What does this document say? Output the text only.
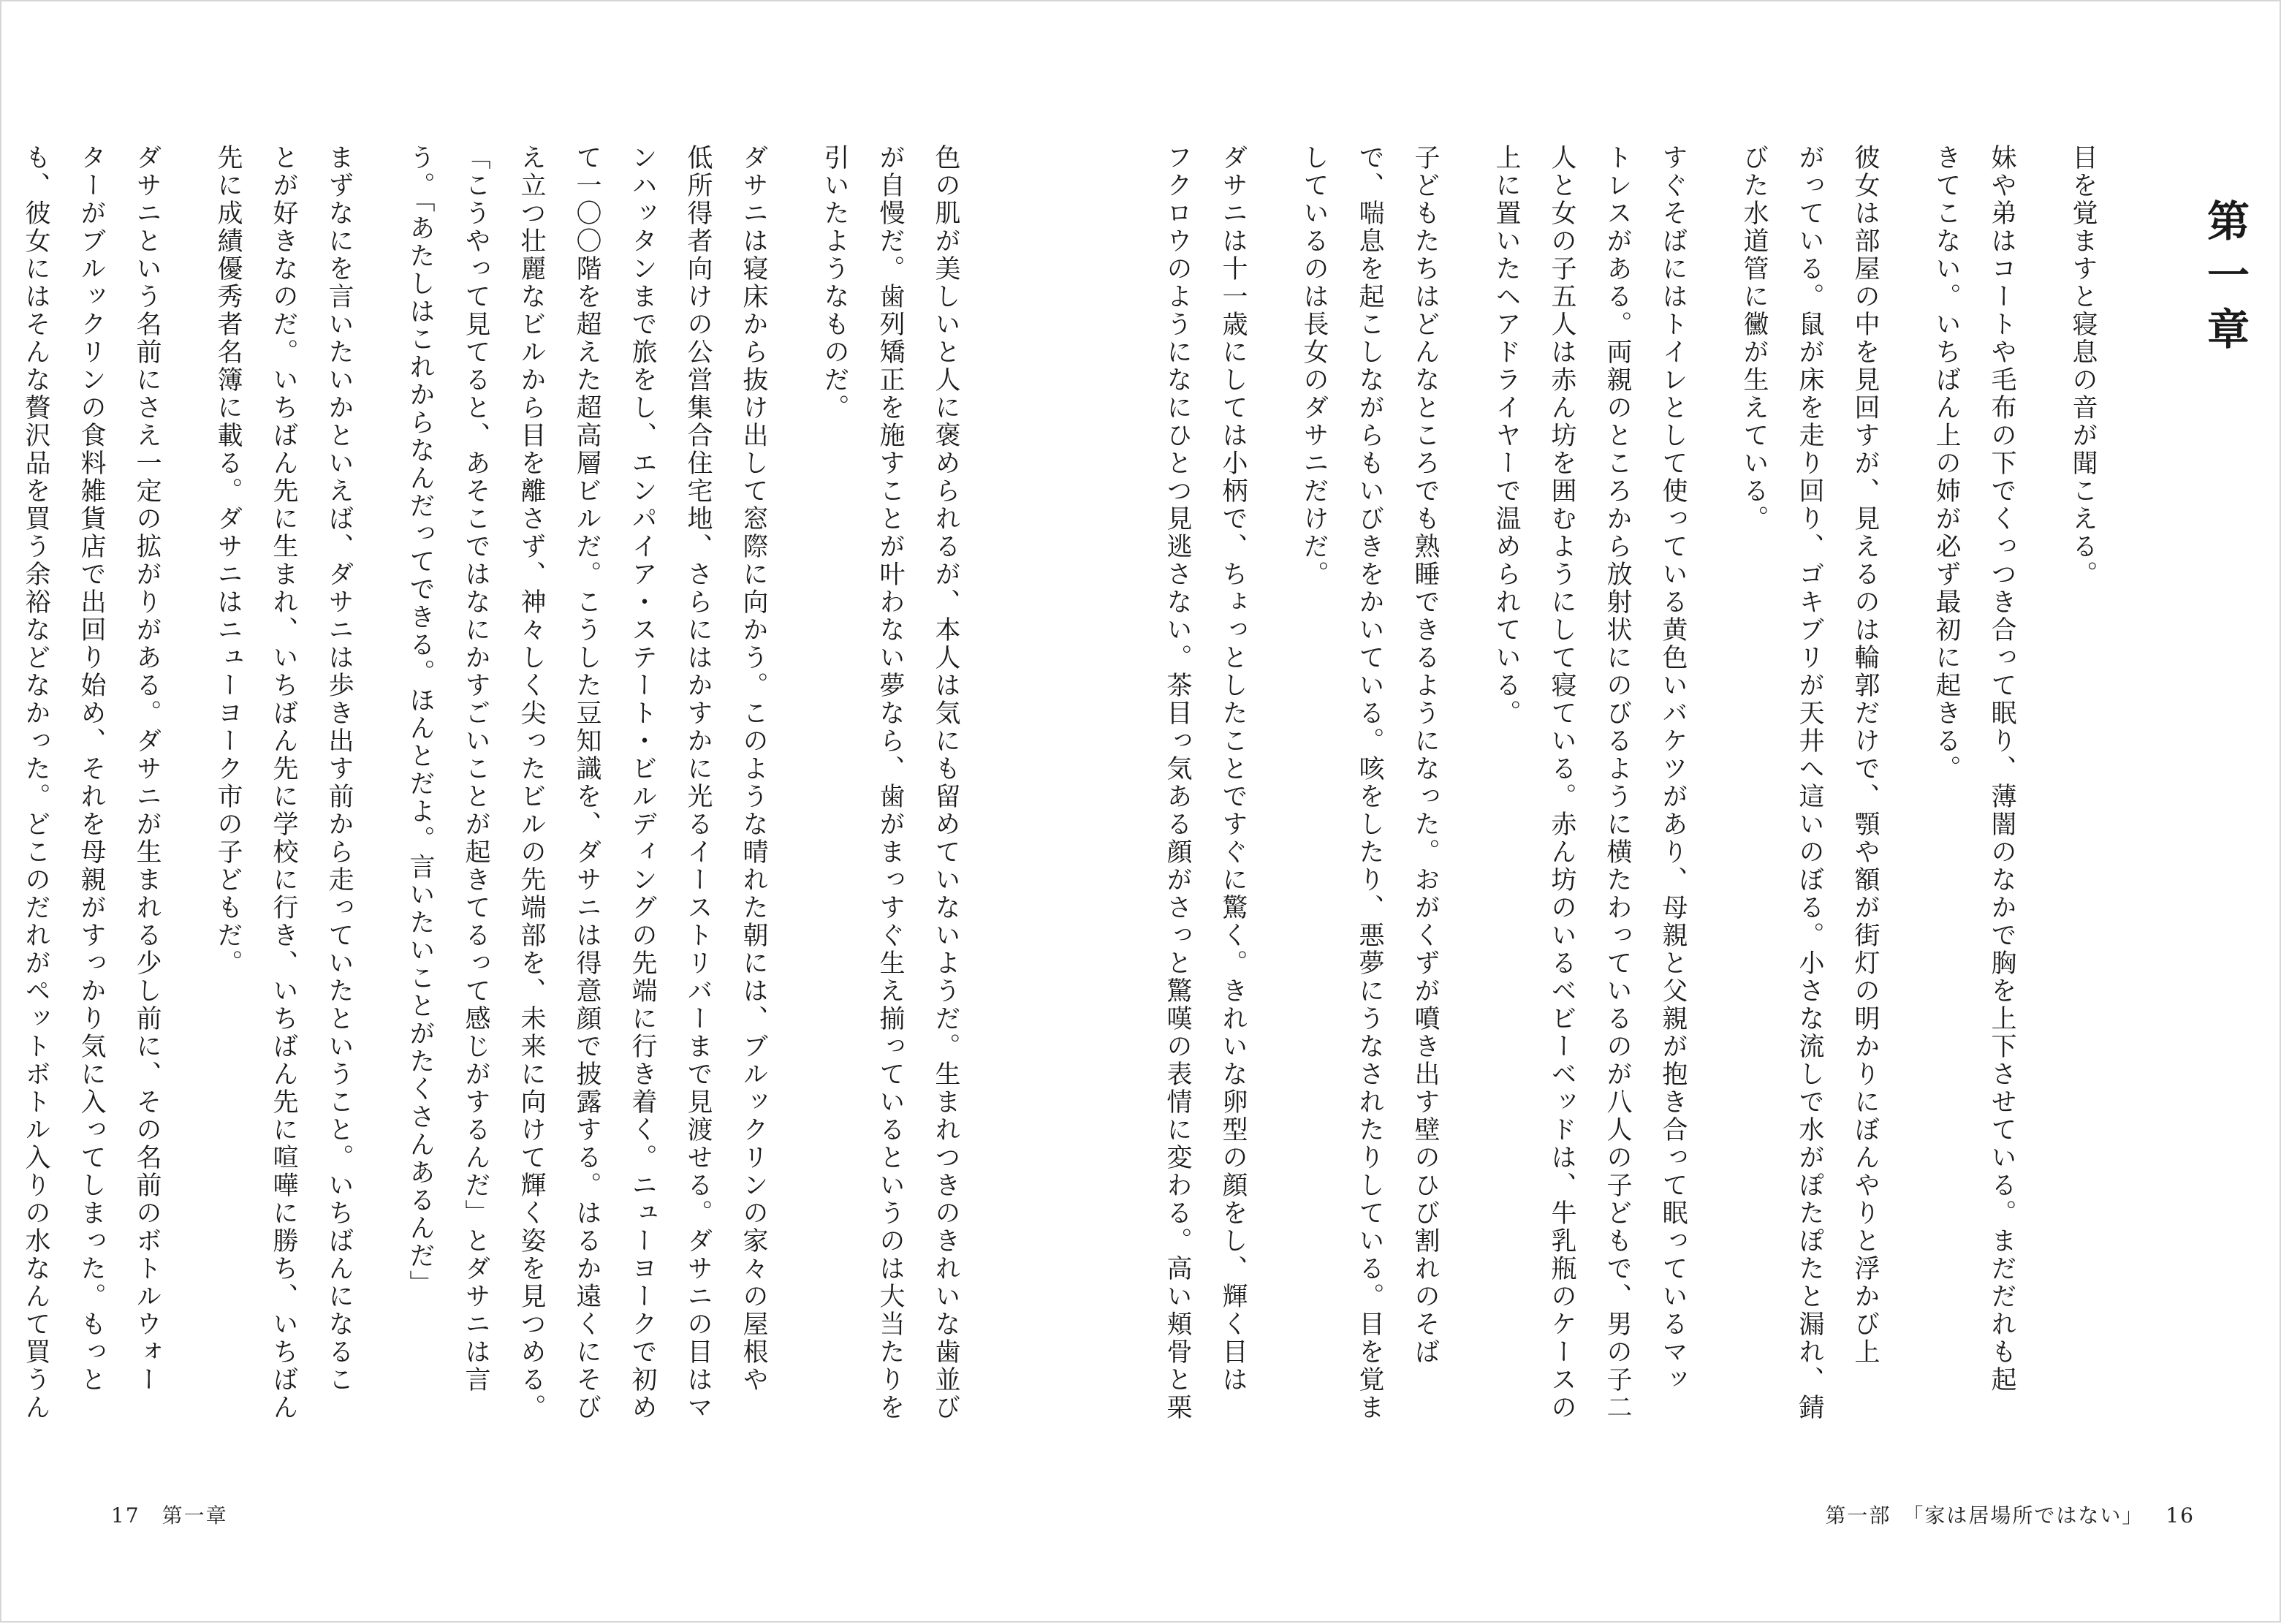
色の肌が美しいと人に褒められるが、本人は気にも留めていないようだ。生まれつきのきれいな歯並び
が自慢だ。歯列矯正を施すことが叶わない夢なら、歯がまっすぐ生え揃っているというのは大当たりを
引いたようなものだ。
ダサニは寝床から抜け出して窓際に向かう。このような晴れた朝には、ブルックリンの家々の屋根や
低所得者向けの公営集合住宅地、さらにはかすかに光るイーストリバーまで見渡せる。ダサニの目はマ
ンハッタンまで旅をし、エンパイア・ステート・ビルディングの先端に行き着く。ニューヨークで初め
て一〇〇階を超えた超高層ビルだ。こうした豆知識を、ダサニは得意顔で披露する。はるか遠くにそび
え立つ壮麗なビルから目を離さず、神々しく尖ったビルの先端部を、未来に向けて輝く姿を見つめる。
「こうやって見てると、あそこではなにかすごいことが起きてるって感じがするんだ」とダサニは言
う。「あたしはこれからなんだってできる。ほんとだよ。言いたいことがたくさんあるんだ」
まずなにを言いたいかといえば、ダサニは歩き出す前から走っていたということ。いちばんになるこ
とが好きなのだ。いちばん先に生まれ、いちばん先に学校に行き、いちばん先に喧嘩に勝ち、いちばん
先に成績優秀者名簿に載る。ダサニはニューヨーク市の子どもだ。
ダサニという名前にさえ一定の拡がりがある。ダサニが生まれる少し前に、その名前のボトルウォー
ターがブルックリンの食料雑貨店で出回り始め、それを母親がすっかり気に入ってしまった。もっと
も、彼女にはそんな贅沢品を買う余裕などなかった。どこのだれがペットボトル入りの水なんて買うん
17 第一章
第一章
目を覚ますと寝息の音が聞こえる。
妹や弟はコートや毛布の下でくっつき合って眠り、薄闇のなかで胸を上下させている。まだだれも起
きてこない。いちばん上の姉が必ず最初に起きる。
彼女は部屋の中を見回すが、見えるのは輪郭だけで、顎や額が街灯の明かりにぼんやりと浮かび上
がっている。鼠が床を走り回り、ゴキブリが天井へ這いのぼる。小さな流しで水がぽたぽたと漏れ、錆
びた水道管に黴が生えている。
すぐそばにはトイレとして使っている黄色いバケツがあり、母親と父親が抱き合って眠っているマッ
トレスがある。両親のところから放射状にのびるように横たわっているのが八人の子どもで、男の子二
人と女の子五人は赤ん坊を囲むようにして寝ている。赤ん坊のいるベビーベッドは、牛乳瓶のケースの
上に置いたヘアドライヤーで温められている。
子どもたちはどんなところでも熟睡できるようになった。おがくずが噴き出す壁のひび割れのそば
で、喘息を起こしながらもいびきをかいている。咳をしたり、悪夢にうなされたりしている。目を覚ま
しているのは長女のダサニだけだ。
ダサニは十一歳にしては小柄で、ちょっとしたことですぐに驚く。きれいな卵型の顔をし、輝く目は
フクロウのようになにひとつ見逃さない。茶目っ気ある顔がさっと驚嘆の表情に変わる。高い頬骨と栗
第一部　「家は居場所ではない」 16
